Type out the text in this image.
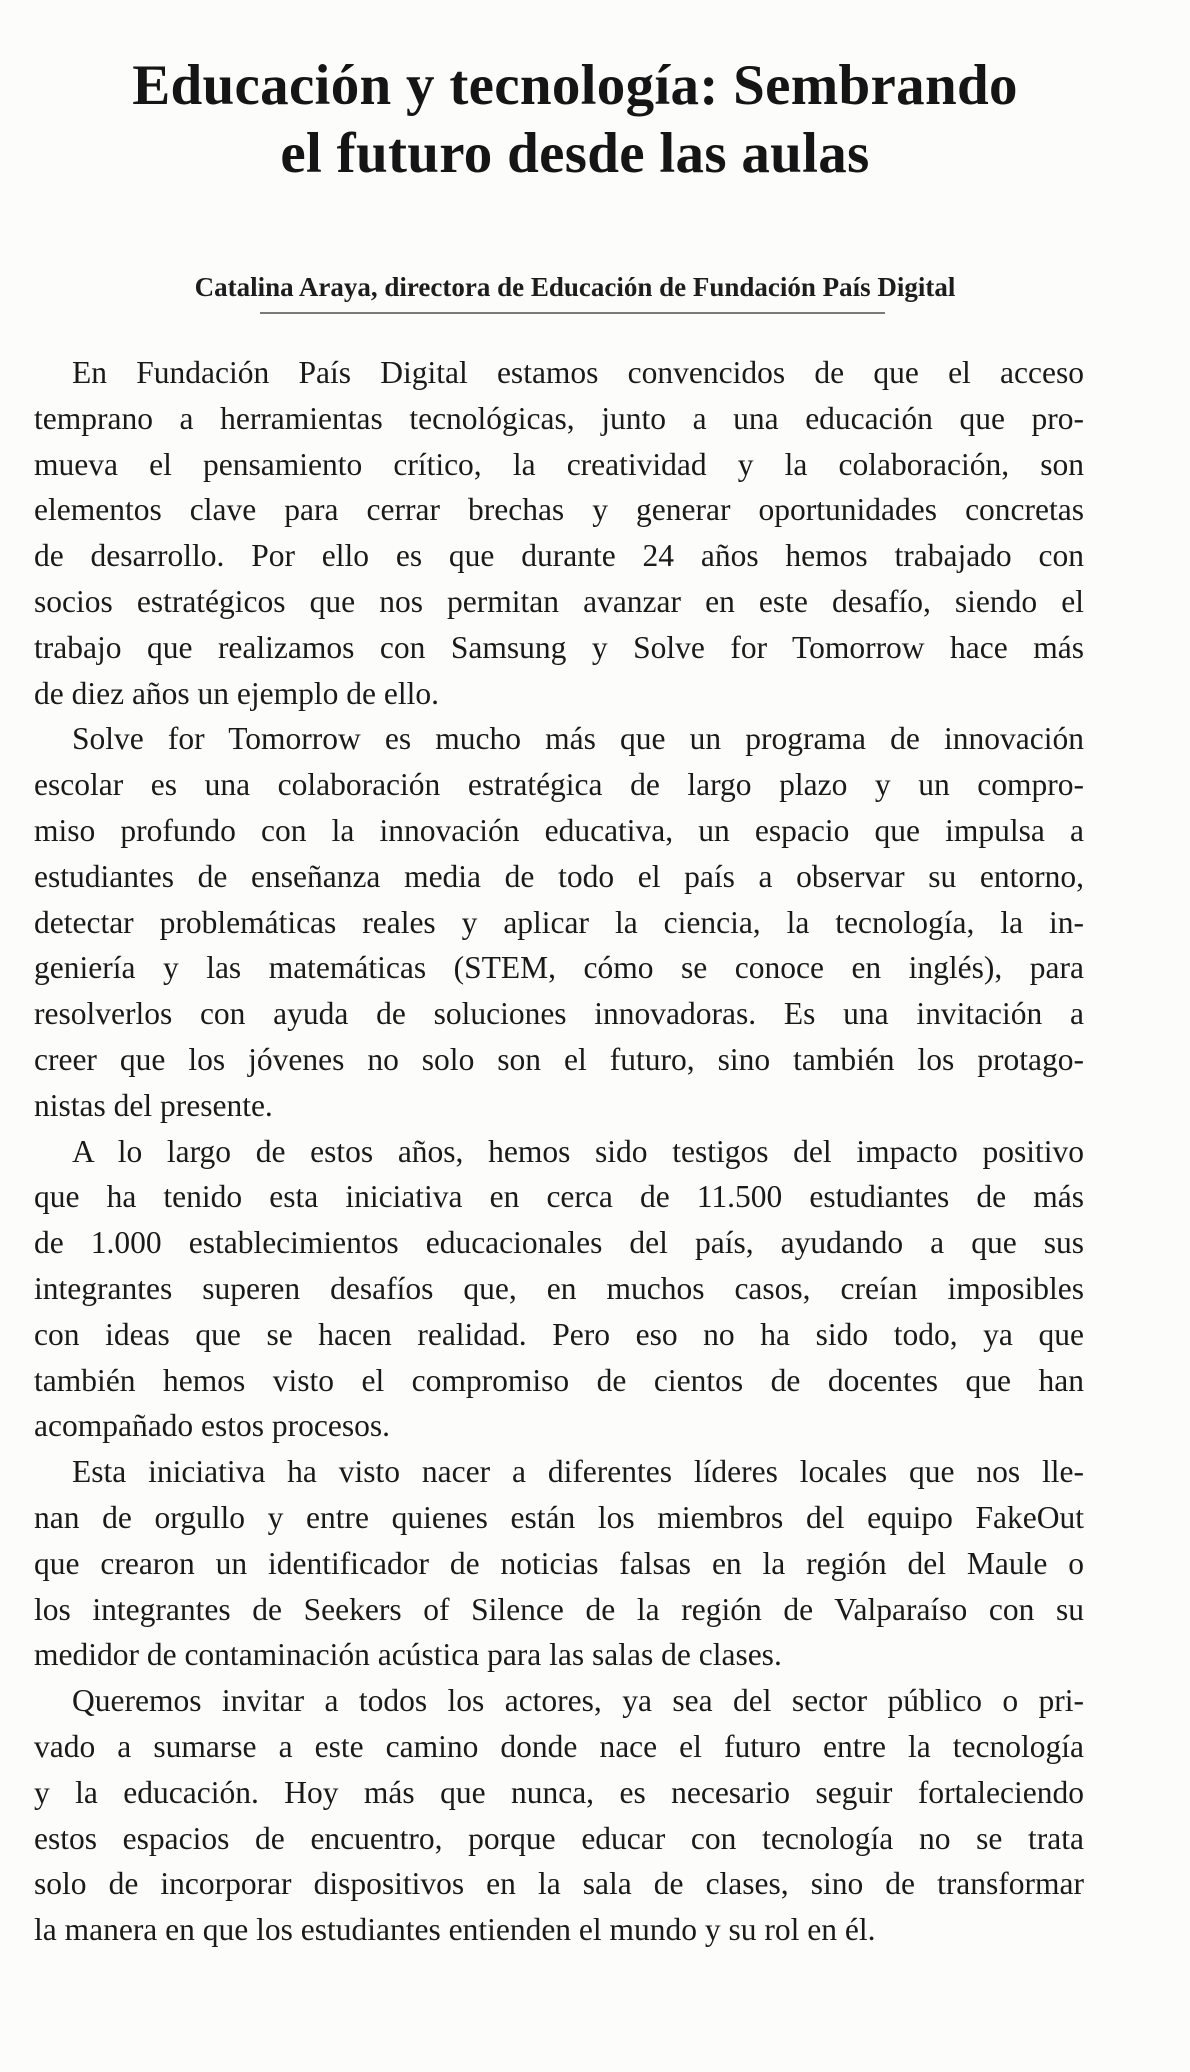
Educación y tecnología: Sembrando
el futuro desde las aulas

Catalina Araya, directora de Educación de Fundación País Digital

En Fundación País Digital estamos convencidos de que el acceso
temprano a herramientas tecnológicas, junto a una educación que pro-
mueva el pensamiento crítico, la creatividad y la colaboración, son
elementos clave para cerrar brechas y generar oportunidades concretas
de desarrollo. Por ello es que durante 24 años hemos trabajado con
socios estratégicos que nos permitan avanzar en este desafío, siendo el
trabajo que realizamos con Samsung y Solve for Tomorrow hace más
de diez años un ejemplo de ello.
Solve for Tomorrow es mucho más que un programa de innovación
escolar es una colaboración estratégica de largo plazo y un compro-
miso profundo con la innovación educativa, un espacio que impulsa a
estudiantes de enseñanza media de todo el país a observar su entorno,
detectar problemáticas reales y aplicar la ciencia, la tecnología, la in-
geniería y las matemáticas (STEM, cómo se conoce en inglés), para
resolverlos con ayuda de soluciones innovadoras. Es una invitación a
creer que los jóvenes no solo son el futuro, sino también los protago-
nistas del presente.
A lo largo de estos años, hemos sido testigos del impacto positivo
que ha tenido esta iniciativa en cerca de 11.500 estudiantes de más
de 1.000 establecimientos educacionales del país, ayudando a que sus
integrantes superen desafíos que, en muchos casos, creían imposibles
con ideas que se hacen realidad. Pero eso no ha sido todo, ya que
también hemos visto el compromiso de cientos de docentes que han
acompañado estos procesos.
Esta iniciativa ha visto nacer a diferentes líderes locales que nos lle-
nan de orgullo y entre quienes están los miembros del equipo FakeOut
que crearon un identificador de noticias falsas en la región del Maule o
los integrantes de Seekers of Silence de la región de Valparaíso con su
medidor de contaminación acústica para las salas de clases.
Queremos invitar a todos los actores, ya sea del sector público o pri-
vado a sumarse a este camino donde nace el futuro entre la tecnología
y la educación. Hoy más que nunca, es necesario seguir fortaleciendo
estos espacios de encuentro, porque educar con tecnología no se trata
solo de incorporar dispositivos en la sala de clases, sino de transformar
la manera en que los estudiantes entienden el mundo y su rol en él.
